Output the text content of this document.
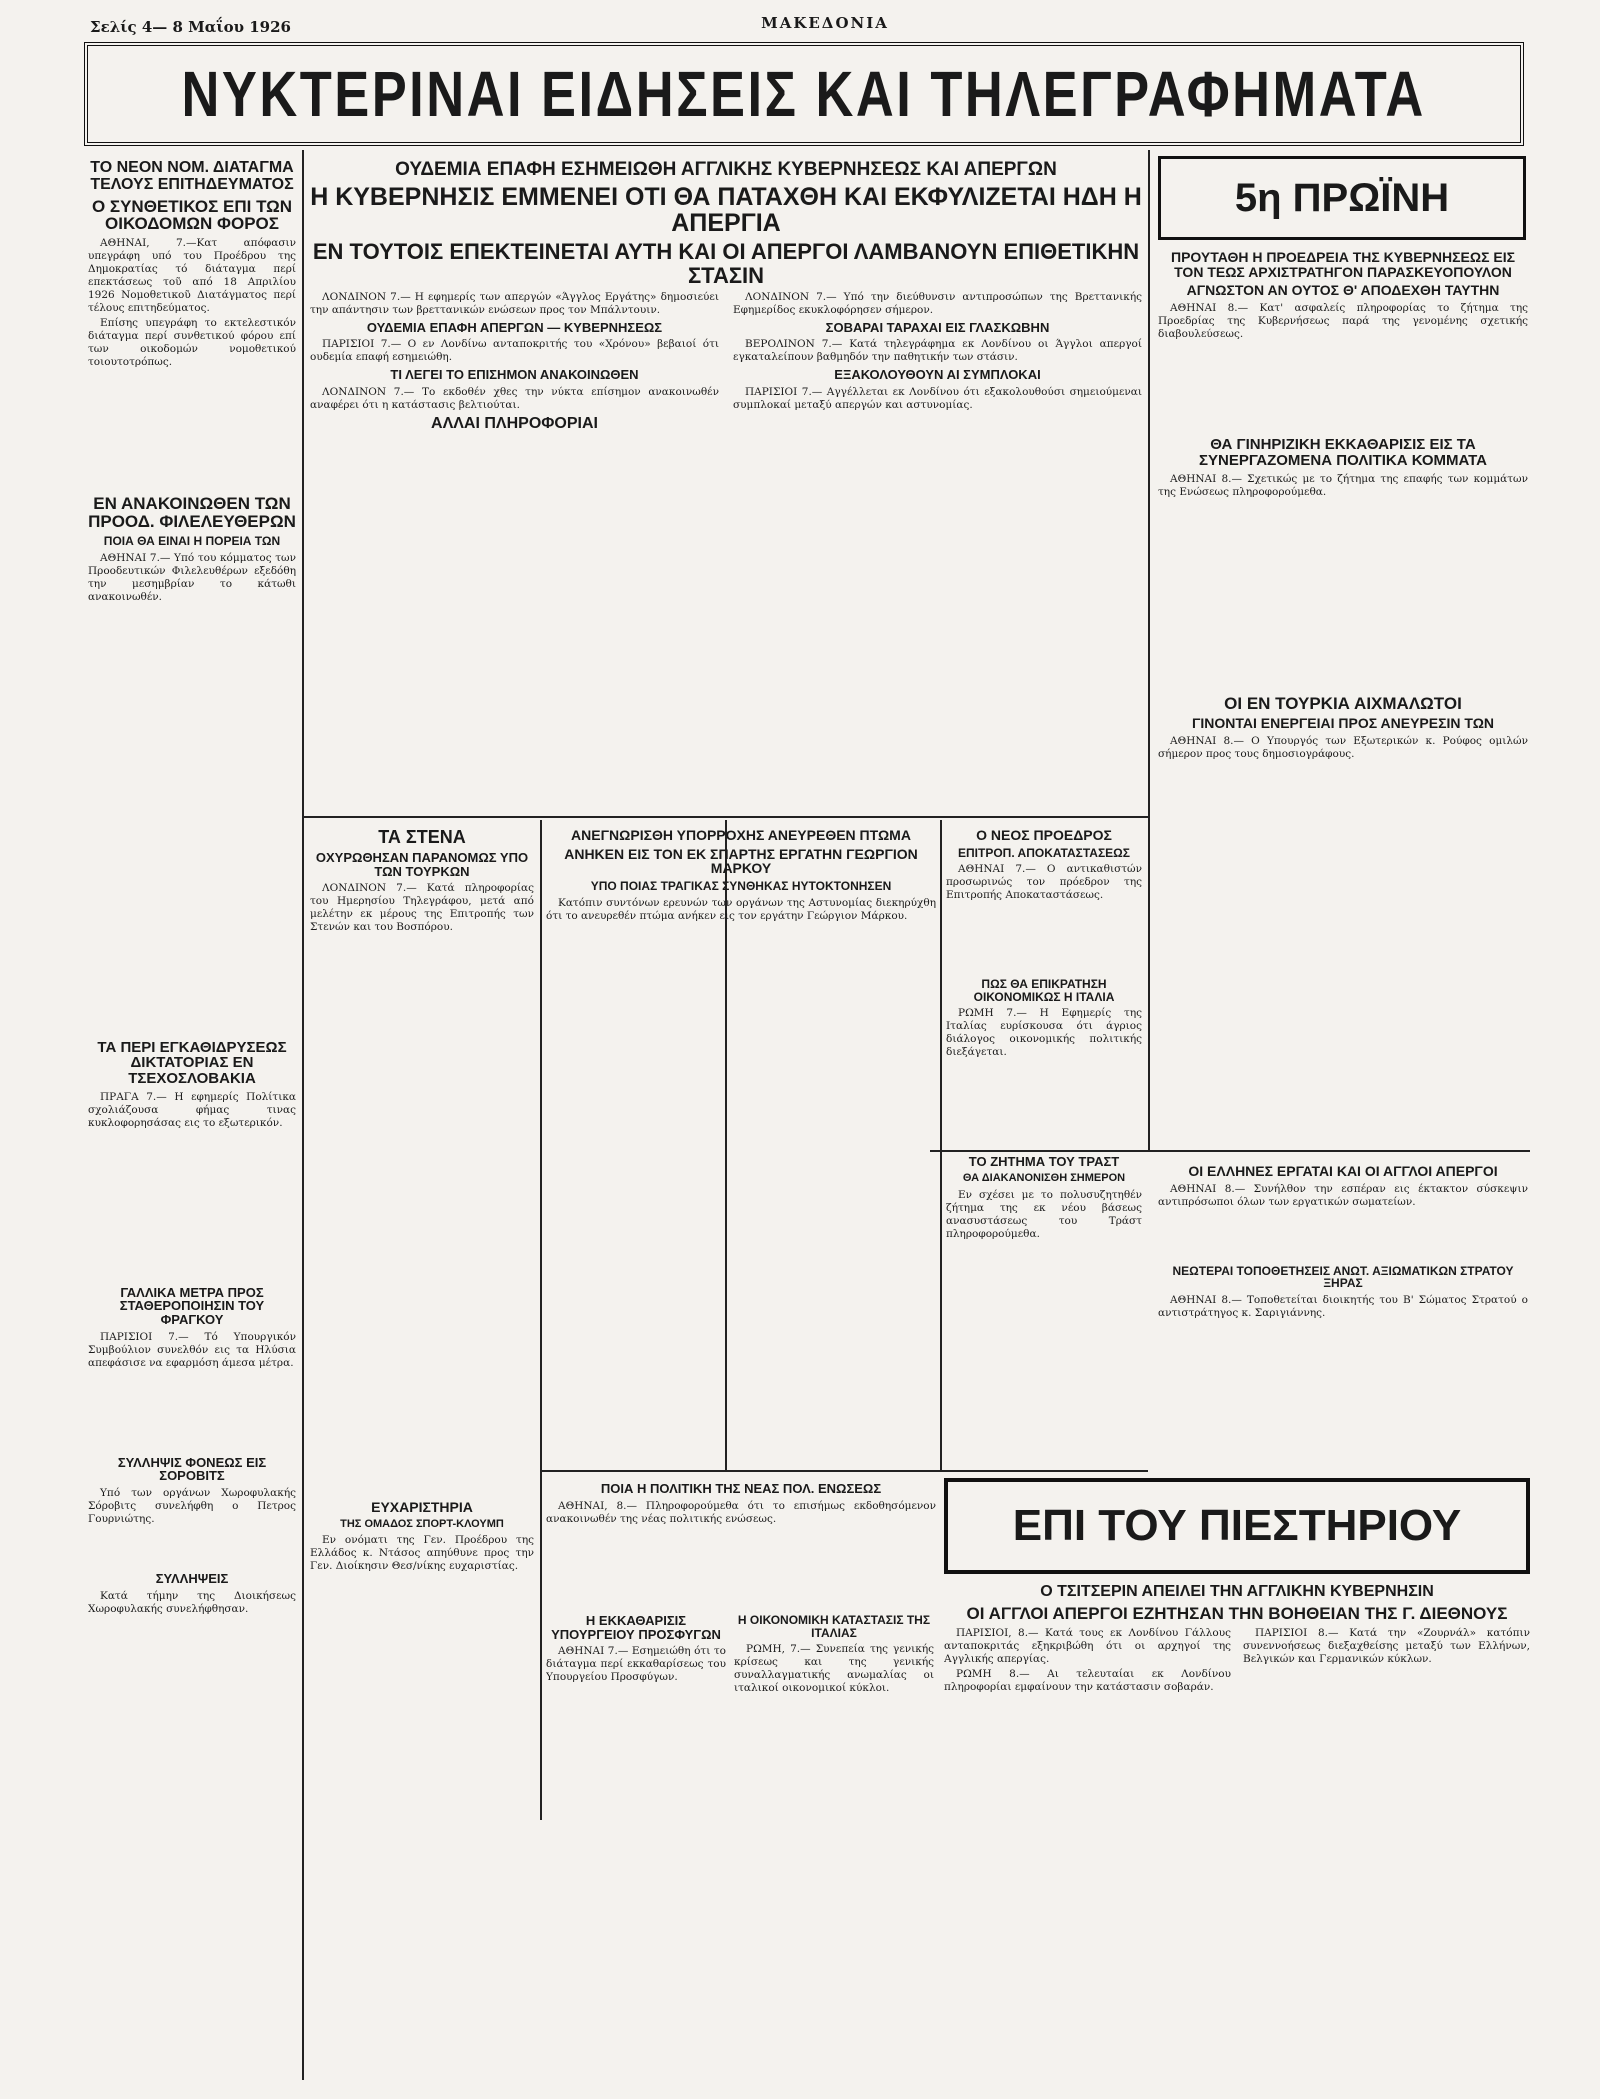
Σελίς 4— 8 Μαΐου 1926	ΜΑΚΕΔΟΝΙΑ
ΝΥΚΤΕΡΙΝΑΙ ΕΙΔΗΣΕΙΣ ΚΑΙ ΤΗΛΕΓΡΑΦΗΜΑΤΑ
ΤΟ ΝΕΟΝ ΝΟΜ. ΔΙΑΤΑΓΜΑ ΤΕΛΟΥΣ ΕΠΙΤΗΔΕΥΜΑΤΟΣ
Ο ΣΥΝΘΕΤΙΚΟΣ ΕΠΙ ΤΩΝ ΟΙΚΟΔΟΜΩΝ ΦΟΡΟΣ

ΑΘΗΝΑΙ, 7.—Κατ απόφασιν υπεγράφη υπό του Προέδρου της Δημοκρατίας τό διάταγμα περί επεκτάσεως τοῦ από 18 Απριλίου 1926 Νομοθετικοῦ Διατάγματος περί τέλους επιτηδεύματος.

Επίσης υπεγράφη το εκτελεστικόν διάταγμα περί συνθετικού φόρου επί των οικοδομών νομοθετικού τοιουτοτρόπως.

ΕΝ ΑΝΑΚΟΙΝΩΘΕΝ ΤΩΝ ΠΡΟΟΔ. ΦΙΛΕΛΕΥΘΕΡΩΝ
ΠΟΙΑ ΘΑ ΕΙΝΑΙ Η ΠΟΡΕΙΑ ΤΩΝ

ΑΘΗΝΑΙ 7.— Υπό του κόμματος των Προοδευτικών Φιλελευθέρων εξεδόθη την μεσημβρίαν το κάτωθι ανακοινωθέν.

ΤΑ ΠΕΡΙ ΕΓΚΑΘΙΔΡΥΣΕΩΣ ΔΙΚΤΑΤΟΡΙΑΣ ΕΝ ΤΣΕΧΟΣΛΟΒΑΚΙΑ

ΠΡΑΓΑ 7.— Η εφημερίς Πολίτικα σχολιάζουσα φήμας τινας κυκλοφορησάσας εις το εξωτερικόν.

ΓΑΛΛΙΚΑ ΜΕΤΡΑ ΠΡΟΣ ΣΤΑΘΕΡΟΠΟΙΗΣΙΝ ΤΟΥ ΦΡΑΓΚΟΥ

ΠΑΡΙΣΙΟΙ 7.— Τό Υπουργικόν Συμβούλιον συνελθόν εις τα Ηλύσια απεφάσισε να εφαρμόση άμεσα μέτρα.

ΣΥΛΛΗΨΙΣ ΦΟΝΕΩΣ ΕΙΣ ΣΟΡΟΒΙΤΣ

Υπό των οργάνων Χωροφυλακής Σόροβιτς συνελήφθη ο Πετρος Γουρνιώτης.

ΣΥΛΛΗΨΕΙΣ

Κατά τήμην της Διοικήσεως Χωροφυλακής συνελήφθησαν.

ΟΥΔΕΜΙΑ ΕΠΑΦΗ ΕΣΗΜΕΙΩΘΗ ΑΓΓΛΙΚΗΣ ΚΥΒΕΡΝΗΣΕΩΣ ΚΑΙ ΑΠΕΡΓΩΝ
Η ΚΥΒΕΡΝΗΣΙΣ ΕΜΜΕΝΕΙ ΟΤΙ ΘΑ ΠΑΤΑΧΘΗ ΚΑΙ ΕΚΦΥΛΙΖΕΤΑΙ ΗΔΗ Η ΑΠΕΡΓΙΑ
ΕΝ ΤΟΥΤΟΙΣ ΕΠΕΚΤΕΙΝΕΤΑΙ ΑΥΤΗ ΚΑΙ ΟΙ ΑΠΕΡΓΟΙ ΛΑΜΒΑΝΟΥΝ ΕΠΙΘΕΤΙΚΗΝ ΣΤΑΣΙΝ

ΛΟΝΔΙΝΟΝ 7.— Η εφημερίς των απεργών «Άγγλος Εργάτης» δημοσιεύει την απάντησιν των βρεττανικών ενώσεων προς τον Μπάλντουιν.

ΟΥΔΕΜΙΑ ΕΠΑΦΗ ΑΠΕΡΓΩΝ — ΚΥΒΕΡΝΗΣΕΩΣ

ΠΑΡΙΣΙΟΙ 7.— Ο εν Λονδίνω ανταποκριτής του «Χρόνου» βεβαιοί ότι ουδεμία επαφή εσημειώθη.

ΤΙ ΛΕΓΕΙ ΤΟ ΕΠΙΣΗΜΟΝ ΑΝΑΚΟΙΝΩΘΕΝ

ΛΟΝΔΙΝΟΝ 7.— Το εκδοθέν χθες την νύκτα επίσημον ανακοινωθέν αναφέρει ότι η κατάστασις βελτιούται.

ΑΛΛΑΙ ΠΛΗΡΟΦΟΡΙΑΙ

ΛΟΝΔΙΝΟΝ 7.— Υπό την διεύθυνσιν αντιπροσώπων της Βρεττανικής Εφημερίδος εκυκλοφόρησεν σήμερον.

ΣΟΒΑΡΑΙ ΤΑΡΑΧΑΙ ΕΙΣ ΓΛΑΣΚΩΒΗΝ

ΒΕΡΟΛΙΝΟΝ 7.— Κατά τηλεγράφημα εκ Λονδίνου οι Άγγλοι απεργοί εγκαταλείπουν βαθμηδόν την παθητικήν των στάσιν.

ΕΞΑΚΟΛΟΥΘΟΥΝ ΑΙ ΣΥΜΠΛΟΚΑΙ

ΠΑΡΙΣΙΟΙ 7.— Αγγέλλεται εκ Λονδίνου ότι εξακολουθούσι σημειούμεναι συμπλοκαί μεταξύ απεργών και αστυνομίας.

ΤΑ ΣΤΕΝΑ
ΟΧΥΡΩΘΗΣΑΝ ΠΑΡΑΝΟΜΩΣ ΥΠΟ ΤΩΝ ΤΟΥΡΚΩΝ

ΛΟΝΔΙΝΟΝ 7.— Κατά πληροφορίας του Ημερησίου Τηλεγράφου, μετά από μελέτην εκ μέρους της Επιτροπής των Στενών και του Βοσπόρου.

ΕΥΧΑΡΙΣΤΗΡΙΑ
ΤΗΣ ΟΜΑΔΟΣ ΣΠΟΡΤ-ΚΛΟΥΜΠ

Εν ονόματι της Γεν. Προέδρου της Ελλάδος κ. Ντάσος απηύθυνε προς την Γεν. Διοίκησιν Θεσ/νίκης ευχαριστίας.

ΑΝΕΓΝΩΡΙΣΘΗ ΥΠΟΡΡΟΧΗΣ ΑΝΕΥΡΕΘΕΝ ΠΤΩΜΑ
ΑΝΗΚΕΝ ΕΙΣ ΤΟΝ ΕΚ ΣΠΑΡΤΗΣ ΕΡΓΑΤΗΝ ΓΕΩΡΓΙΟΝ ΜΑΡΚΟΥ
ΥΠΟ ΠΟΙΑΣ ΤΡΑΓΙΚΑΣ ΣΥΝΘΗΚΑΣ ΗΥΤΟΚΤΟΝΗΣΕΝ

Κατόπιν συντόνων ερευνών των οργάνων της Αστυνομίας διεκηρύχθη ότι το ανευρεθέν πτώμα ανήκεν εις τον εργάτην Γεώργιον Μάρκου.

Ο ΝΕΟΣ ΠΡΟΕΔΡΟΣ
ΕΠΙΤΡΟΠ. ΑΠΟΚΑΤΑΣΤΑΣΕΩΣ

ΑΘΗΝΑΙ 7.— Ο αντικαθιστών προσωρινώς τον πρόεδρον της Επιτροπής Αποκαταστάσεως.

ΠΩΣ ΘΑ ΕΠΙΚΡΑΤΗΣΗ ΟΙΚΟΝΟΜΙΚΩΣ Η ΙΤΑΛΙΑ

ΡΩΜΗ 7.— Η Εφημερίς της Ιταλίας ευρίσκουσα ότι άγριος διάλογος οικονομικής πολιτικής διεξάγεται.

ΤΟ ΖΗΤΗΜΑ ΤΟΥ ΤΡΑΣΤ
ΘΑ ΔΙΑΚΑΝΟΝΙΣΘΗ ΣΗΜΕΡΟΝ

Εν σχέσει με το πολυσυζητηθέν ζήτημα της εκ νέου βάσεως ανασυστάσεως του Τράστ πληροφορούμεθα.

ΠΟΙΑ Η ΠΟΛΙΤΙΚΗ ΤΗΣ ΝΕΑΣ ΠΟΛ. ΕΝΩΣΕΩΣ

ΑΘΗΝΑΙ, 8.— Πληροφορούμεθα ότι το επισήμως εκδοθησόμενον ανακοινωθέν της νέας πολιτικής ενώσεως.

Η ΕΚΚΑΘΑΡΙΣΙΣ ΥΠΟΥΡΓΕΙΟΥ ΠΡΟΣΦΥΓΩΝ

ΑΘΗΝΑΙ 7.— Εσημειώθη ότι το διάταγμα περί εκκαθαρίσεως του Υπουργείου Προσφύγων.

Η ΟΙΚΟΝΟΜΙΚΗ ΚΑΤΑΣΤΑΣΙΣ ΤΗΣ ΙΤΑΛΙΑΣ

ΡΩΜΗ, 7.— Συνεπεία της γενικής κρίσεως και της γενικής συναλλαγματικής ανωμαλίας οι ιταλικοί οικονομικοί κύκλοι.

5η ΠΡΩΪΝΗ
ΠΡΟΥΤΑΘΗ Η ΠΡΟΕΔΡΕΙΑ ΤΗΣ ΚΥΒΕΡΝΗΣΕΩΣ ΕΙΣ ΤΟΝ ΤΕΩΣ ΑΡΧΙΣΤΡΑΤΗΓΟΝ ΠΑΡΑΣΚΕΥΟΠΟΥΛΟΝ
ΑΓΝΩΣΤΟΝ ΑΝ ΟΥΤΟΣ Θ' ΑΠΟΔΕΧΘΗ ΤΑΥΤΗΝ

ΑΘΗΝΑΙ 8.— Κατ' ασφαλείς πληροφορίας το ζήτημα της Προεδρίας της Κυβερνήσεως παρά της γενομένης σχετικής διαβουλεύσεως.

ΘΑ ΓΙΝΗΡΙΖΙΚΗ ΕΚΚΑΘΑΡΙΣΙΣ ΕΙΣ ΤΑ ΣΥΝΕΡΓΑΖΟΜΕΝΑ ΠΟΛΙΤΙΚΑ ΚΟΜΜΑΤΑ

ΑΘΗΝΑΙ 8.— Σχετικώς με το ζήτημα της επαφής των κομμάτων της Ενώσεως πληροφορούμεθα.

ΟΙ ΕΝ ΤΟΥΡΚΙΑ ΑΙΧΜΑΛΩΤΟΙ
ΓΙΝΟΝΤΑΙ ΕΝΕΡΓΕΙΑΙ ΠΡΟΣ ΑΝΕΥΡΕΣΙΝ ΤΩΝ

ΑΘΗΝΑΙ 8.— Ο Υπουργός των Εξωτερικών κ. Ρούφος ομιλών σήμερον προς τους δημοσιογράφους.

ΟΙ ΕΛΛΗΝΕΣ ΕΡΓΑΤΑΙ ΚΑΙ ΟΙ ΑΓΓΛΟΙ ΑΠΕΡΓΟΙ

ΑΘΗΝΑΙ 8.— Συνήλθον την εσπέραν εις έκτακτον σύσκεψιν αντιπρόσωποι όλων των εργατικών σωματείων.

ΝΕΩΤΕΡΑΙ ΤΟΠΟΘΕΤΗΣΕΙΣ ΑΝΩΤ. ΑΞΙΩΜΑΤΙΚΩΝ ΣΤΡΑΤΟΥ ΞΗΡΑΣ

ΑΘΗΝΑΙ 8.— Τοποθετείται διοικητής του Β' Σώματος Στρατού ο αντιστράτηγος κ. Σαριγιάννης.

ΕΠΙ ΤΟΥ ΠΙΕΣΤΗΡΙΟΥ
Ο ΤΣΙΤΣΕΡΙΝ ΑΠΕΙΛΕΙ ΤΗΝ ΑΓΓΛΙΚΗΝ ΚΥΒΕΡΝΗΣΙΝ
ΟΙ ΑΓΓΛΟΙ ΑΠΕΡΓΟΙ ΕΖΗΤΗΣΑΝ ΤΗΝ ΒΟΗΘΕΙΑΝ ΤΗΣ Γ. ΔΙΕΘΝΟΥΣ

ΠΑΡΙΣΙΟΙ, 8.— Κατά τους εκ Λονδίνου Γάλλους ανταποκριτάς εξηκριβώθη ότι οι αρχηγοί της Αγγλικής απεργίας.

ΡΩΜΗ 8.— Αι τελευταίαι εκ Λονδίνου πληροφορίαι εμφαίνουν την κατάστασιν σοβαράν.

ΠΑΡΙΣΙΟΙ 8.— Κατά την «Ζουρνάλ» κατόπιν συνεννοήσεως διεξαχθείσης μεταξύ των Ελλήνων, Βελγικών και Γερμανικών κύκλων.
